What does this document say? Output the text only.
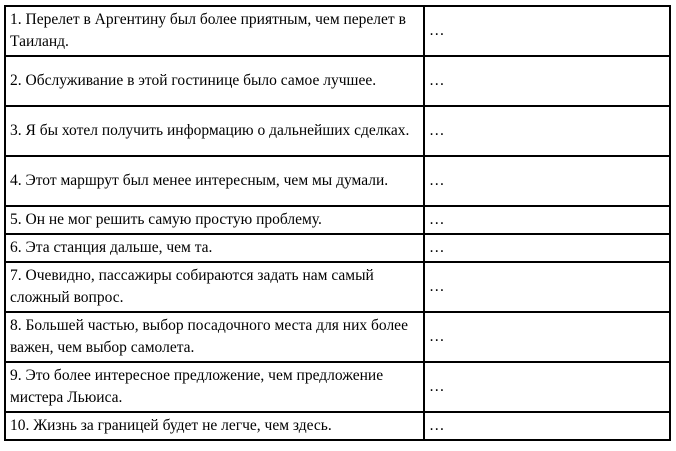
1. Перелет в Аргентину был более приятным, чем перелет в Таиланд.	…
2. Обслуживание в этой гостинице было самое лучшее.	…
3. Я бы хотел получить информацию о дальнейших сделках.	…
4. Этот маршрут был менее интересным, чем мы думали.	…
5. Он не мог решить самую простую проблему.	…
6. Эта станция дальше, чем та.	…
7. Очевидно, пассажиры собираются задать нам самый сложный вопрос.	…
8. Большей частью, выбор посадочного места для них более важен, чем выбор самолета.	…
9. Это более интересное предложение, чем предложение мистера Льюиса.	…
10. Жизнь за границей будет не легче, чем здесь.	…
